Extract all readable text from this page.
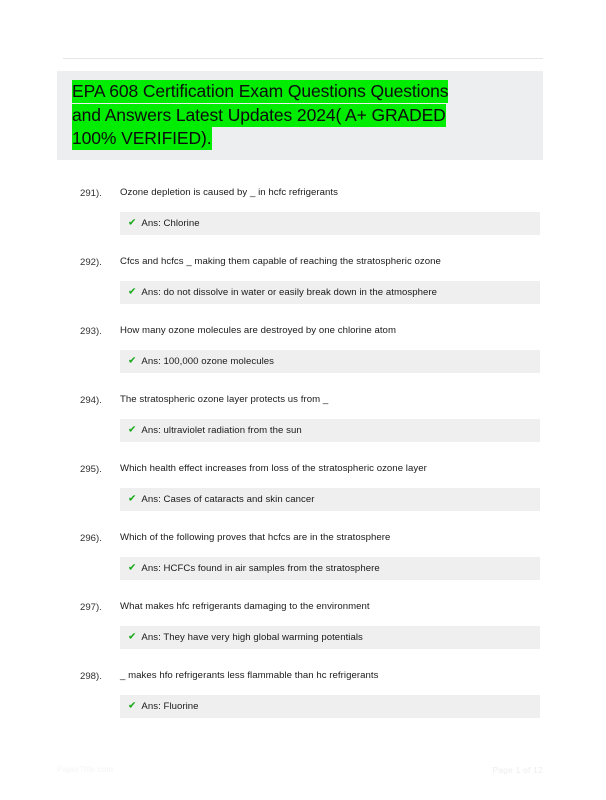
EPA 608 Certification Exam Questions Questions
and Answers Latest Updates 2024( A+ GRADED
100% VERIFIED).
291).	Ozone depletion is caused by _ in hcfc refrigerants
✔ Ans: Chlorine
292).	Cfcs and hcfcs _ making them capable of reaching the stratospheric ozone
✔ Ans: do not dissolve in water or easily break down in the atmosphere
293).	How many ozone molecules are destroyed by one chlorine atom
✔ Ans: 100,000 ozone molecules
294).	The stratospheric ozone layer protects us from _
✔ Ans: ultraviolet radiation from the sun
295).	Which health effect increases from loss of the stratospheric ozone layer
✔ Ans: Cases of cataracts and skin cancer
296).	Which of the following proves that hcfcs are in the stratosphere
✔ Ans: HCFCs found in air samples from the stratosphere
297).	What makes hfc refrigerants damaging to the environment
✔ Ans: They have very high global warming potentials
298).	_ makes hfo refrigerants less flammable than hc refrigerants
✔ Ans: Fluorine
PaperTitle.com	Page 1 of 12
